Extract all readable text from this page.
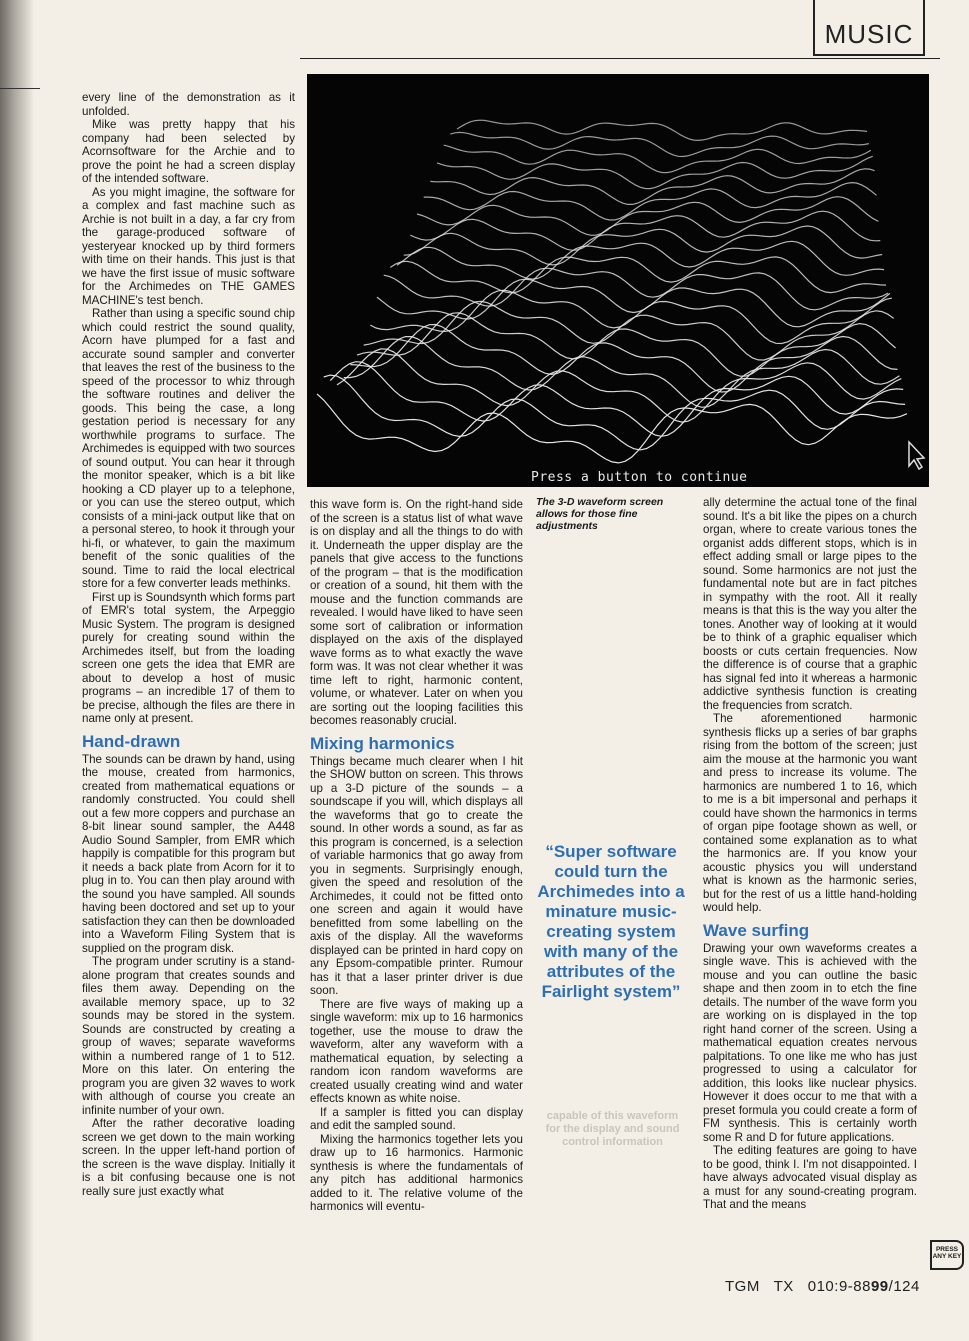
MUSIC

every line of the demonstration as it unfolded.

Mike was pretty happy that his company had been selected by Acornsoftware for the Archie and to prove the point he had a screen display of the intended software.

As you might imagine, the software for a complex and fast machine such as Archie is not built in a day, a far cry from the garage-produced software of yesteryear knocked up by third formers with time on their hands. This just is that we have the first issue of music software for the Archimedes on THE GAMES MACHINE's test bench.

Rather than using a specific sound chip which could restrict the sound quality, Acorn have plumped for a fast and accurate sound sampler and converter that leaves the rest of the business to the speed of the processor to whiz through the software routines and deliver the goods. This being the case, a long gestation period is necessary for any worthwhile programs to surface. The Archimedes is equipped with two sources of sound output. You can hear it through the monitor speaker, which is a bit like hooking a CD player up to a telephone, or you can use the stereo output, which consists of a mini-jack output like that on a personal stereo, to hook it through your hi-fi, or whatever, to gain the maximum benefit of the sonic qualities of the sound. Time to raid the local electrical store for a few converter leads methinks.

First up is Soundsynth which forms part of EMR's total system, the Arpeggio Music System. The program is designed purely for creating sound within the Archimedes itself, but from the loading screen one gets the idea that EMR are about to develop a host of music programs – an incredible 17 of them to be precise, although the files are there in name only at present.

Hand-drawn

The sounds can be drawn by hand, using the mouse, created from harmonics, created from mathematical equations or randomly constructed. You could shell out a few more coppers and purchase an 8-bit linear sound sampler, the A448 Audio Sound Sampler, from EMR which happily is compatible for this program but it needs a back plate from Acorn for it to plug in to. You can then play around with the sound you have sampled. All sounds having been doctored and set up to your satisfaction they can then be downloaded into a Waveform Filing System that is supplied on the program disk.

The program under scrutiny is a stand-alone program that creates sounds and files them away. Depending on the available memory space, up to 32 sounds may be stored in the system. Sounds are constructed by creating a group of waves; separate waveforms within a numbered range of 1 to 512. More on this later. On entering the program you are given 32 waves to work with although of course you create an infinite number of your own.

After the rather decorative loading screen we get down to the main working screen. In the upper left-hand portion of the screen is the wave display. Initially it is a bit confusing because one is not really sure just exactly what

Press a button to continue
The 3-D waveform screen allows for those fine adjustments

this wave form is. On the right-hand side of the screen is a status list of what wave is on display and all the things to do with it. Underneath the upper display are the panels that give access to the functions of the program – that is the modification or creation of a sound, hit them with the mouse and the function commands are revealed. I would have liked to have seen some sort of calibration or information displayed on the axis of the displayed wave forms as to what exactly the wave form was. It was not clear whether it was time left to right, harmonic content, volume, or whatever. Later on when you are sorting out the looping facilities this becomes reasonably crucial.

Mixing harmonics

Things became much clearer when I hit the SHOW button on screen. This throws up a 3-D picture of the sounds – a soundscape if you will, which displays all the waveforms that go to create the sound. In other words a sound, as far as this program is concerned, is a selection of variable harmonics that go away from you in segments. Surprisingly enough, given the speed and resolution of the Archimedes, it could not be fitted onto one screen and again it would have benefitted from some labelling on the axis of the display. All the waveforms displayed can be printed in hard copy on any Epsom-compatible printer. Rumour has it that a laser printer driver is due soon.

There are five ways of making up a single waveform: mix up to 16 harmonics together, use the mouse to draw the waveform, alter any waveform with a mathematical equation, by selecting a random icon random waveforms are created usually creating wind and water effects known as white noise.

If a sampler is fitted you can display and edit the sampled sound.

Mixing the harmonics together lets you draw up to 16 harmonics. Harmonic synthesis is where the fundamentals of any pitch has additional harmonics added to it. The relative volume of the harmonics will eventu-

“Super software could turn the Archimedes into a minature music-creating system with many of the attributes of the Fairlight system”
capable of this waveform for the display and sound control information

ally determine the actual tone of the final sound. It's a bit like the pipes on a church organ, where to create various tones the organist adds different stops, which is in effect adding small or large pipes to the sound. Some harmonics are not just the fundamental note but are in fact pitches in sympathy with the root. All it really means is that this is the way you alter the tones. Another way of looking at it would be to think of a graphic equaliser which boosts or cuts certain frequencies. Now the difference is of course that a graphic has signal fed into it whereas a harmonic addictive synthesis function is creating the frequencies from scratch.

The aforementioned harmonic synthesis flicks up a series of bar graphs rising from the bottom of the screen; just aim the mouse at the harmonic you want and press to increase its volume. The harmonics are numbered 1 to 16, which to me is a bit impersonal and perhaps it could have shown the harmonics in terms of organ pipe footage shown as well, or contained some explanation as to what the harmonics are. If you know your acoustic physics you will understand what is known as the harmonic series, but for the rest of us a little hand-holding would help.

Wave surfing

Drawing your own waveforms creates a single wave. This is achieved with the mouse and you can outline the basic shape and then zoom in to etch the fine details. The number of the wave form you are working on is displayed in the top right hand corner of the screen. Using a mathematical equation creates nervous palpitations. To one like me who has just progressed to using a calculator for addition, this looks like nuclear physics. However it does occur to me that with a preset formula you could create a form of FM synthesis. This is certainly worth some R and D for future applications.

The editing features are going to have to be good, think I. I'm not disappointed. I have always advocated visual display as a must for any sound-creating program. That and the means

PRESS ANY KEY
TGM TX 010:9-8899/124
